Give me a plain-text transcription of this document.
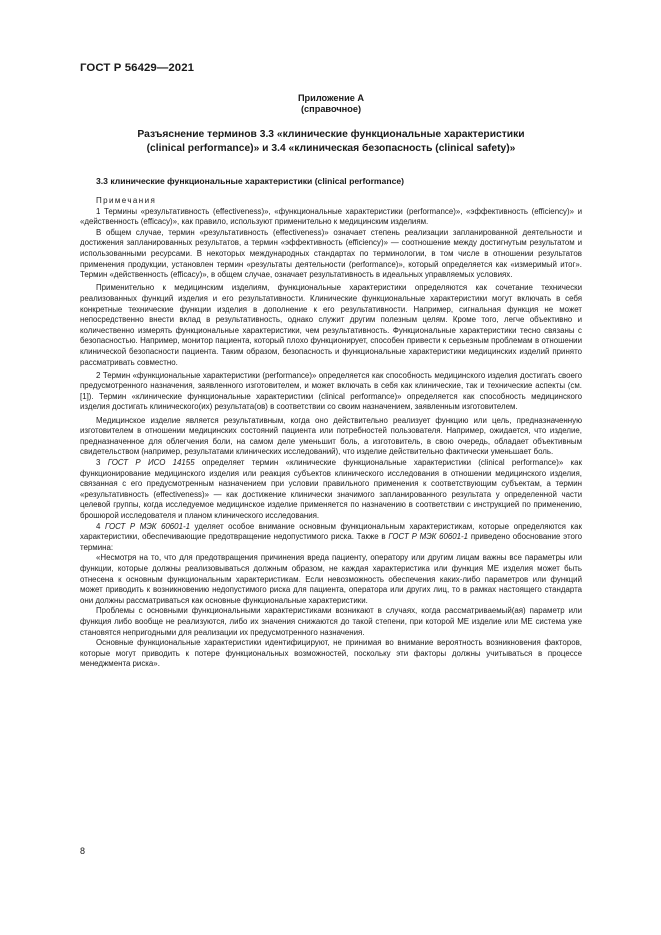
ГОСТ Р 56429—2021
Приложение А
(справочное)
Разъяснение терминов 3.3 «клинические функциональные характеристики
(clinical performance)» и 3.4 «клиническая безопасность (clinical safety)»
3.3 клинические функциональные характеристики (clinical performance)

Примечания

1 Термины «результативность (effectiveness)», «функциональные характеристики (performance)», «эффективность (efficiency)» и «действенность (efficacy)», как правило, используют применительно к медицинским изделиям.

В общем случае, термин «результативность (effectiveness)» означает степень реализации запланированной деятельности и достижения запланированных результатов, а термин «эффективность (efficiency)» — соотношение между достигнутым результатом и использованными ресурсами. В некоторых международных стандартах по терминологии, в том числе в отношении результатов применения продукции, установлен термин «результаты деятельности (performance)», который определяется как «измеримый итог». Термин «действенность (efficacy)», в общем случае, означает результативность в идеальных управляемых условиях.

Применительно к медицинским изделиям, функциональные характеристики определяются как сочетание технически реализованных функций изделия и его результативности. Клинические функциональные характеристики могут включать в себя конкретные технические функции изделия в дополнение к его результативности. Например, сигнальная функция не может непосредственно внести вклад в результативность, однако служит другим полезным целям. Кроме того, легче объективно и количественно измерять функциональные характеристики, чем результативность. Функциональные характеристики тесно связаны с безопасностью. Например, монитор пациента, который плохо функционирует, способен привести к серьезным проблемам в отношении клинической безопасности пациента. Таким образом, безопасность и функциональные характеристики медицинских изделий принято рассматривать совместно.

2 Термин «функциональные характеристики (performance)» определяется как способность медицинского изделия достигать своего предусмотренного назначения, заявленного изготовителем, и может включать в себя как клинические, так и технические аспекты (см. [1]). Термин «клинические функциональные характеристики (clinical performance)» определяется как способность медицинского изделия достигать клинического(их) результата(ов) в соответствии со своим назначением, заявленным изготовителем.

Медицинское изделие является результативным, когда оно действительно реализует функцию или цель, предназначенную изготовителем в отношении медицинских состояний пациента или потребностей пользователя. Например, ожидается, что изделие, предназначенное для облегчения боли, на самом деле уменьшит боль, а изготовитель, в свою очередь, обладает объективным свидетельством (например, результатами клинических исследований), что изделие действительно фактически уменьшает боль.

3 ГОСТ Р ИСО 14155 определяет термин «клинические функциональные характеристики (clinical performance)» как функционирование медицинского изделия или реакция субъектов клинического исследования в отношении медицинского изделия, связанная с его предусмотренным назначением при условии правильного применения к соответствующим субъектам, а термин «результативность (effectiveness)» — как достижение клинически значимого запланированного результата у определенной части целевой группы, когда исследуемое медицинское изделие применяется по назначению в соответствии с инструкцией по применению, брошюрой исследователя и планом клинического исследования.

4 ГОСТ Р МЭК 60601-1 уделяет особое внимание основным функциональным характеристикам, которые определяются как характеристики, обеспечивающие предотвращение недопустимого риска. Также в ГОСТ Р МЭК 60601-1 приведено обоснование этого термина:

«Несмотря на то, что для предотвращения причинения вреда пациенту, оператору или другим лицам важны все параметры или функции, которые должны реализовываться должным образом, не каждая характеристика или функция МЕ изделия может быть отнесена к основным функциональным характеристикам. Если невозможность обеспечения каких-либо параметров или функций может приводить к возникновению недопустимого риска для пациента, оператора или других лиц, то в рамках настоящего стандарта они должны рассматриваться как основные функциональные характеристики.

Проблемы с основными функциональными характеристиками возникают в случаях, когда рассматриваемый(ая) параметр или функция либо вообще не реализуются, либо их значения снижаются до такой степени, при которой МЕ изделие или МЕ система уже становятся непригодными для реализации их предусмотренного назначения.

Основные функциональные характеристики идентифицируют, не принимая во внимание вероятность возникновения факторов, которые могут приводить к потере функциональных возможностей, поскольку эти факторы должны учитываться в процессе менеджмента риска».

8
